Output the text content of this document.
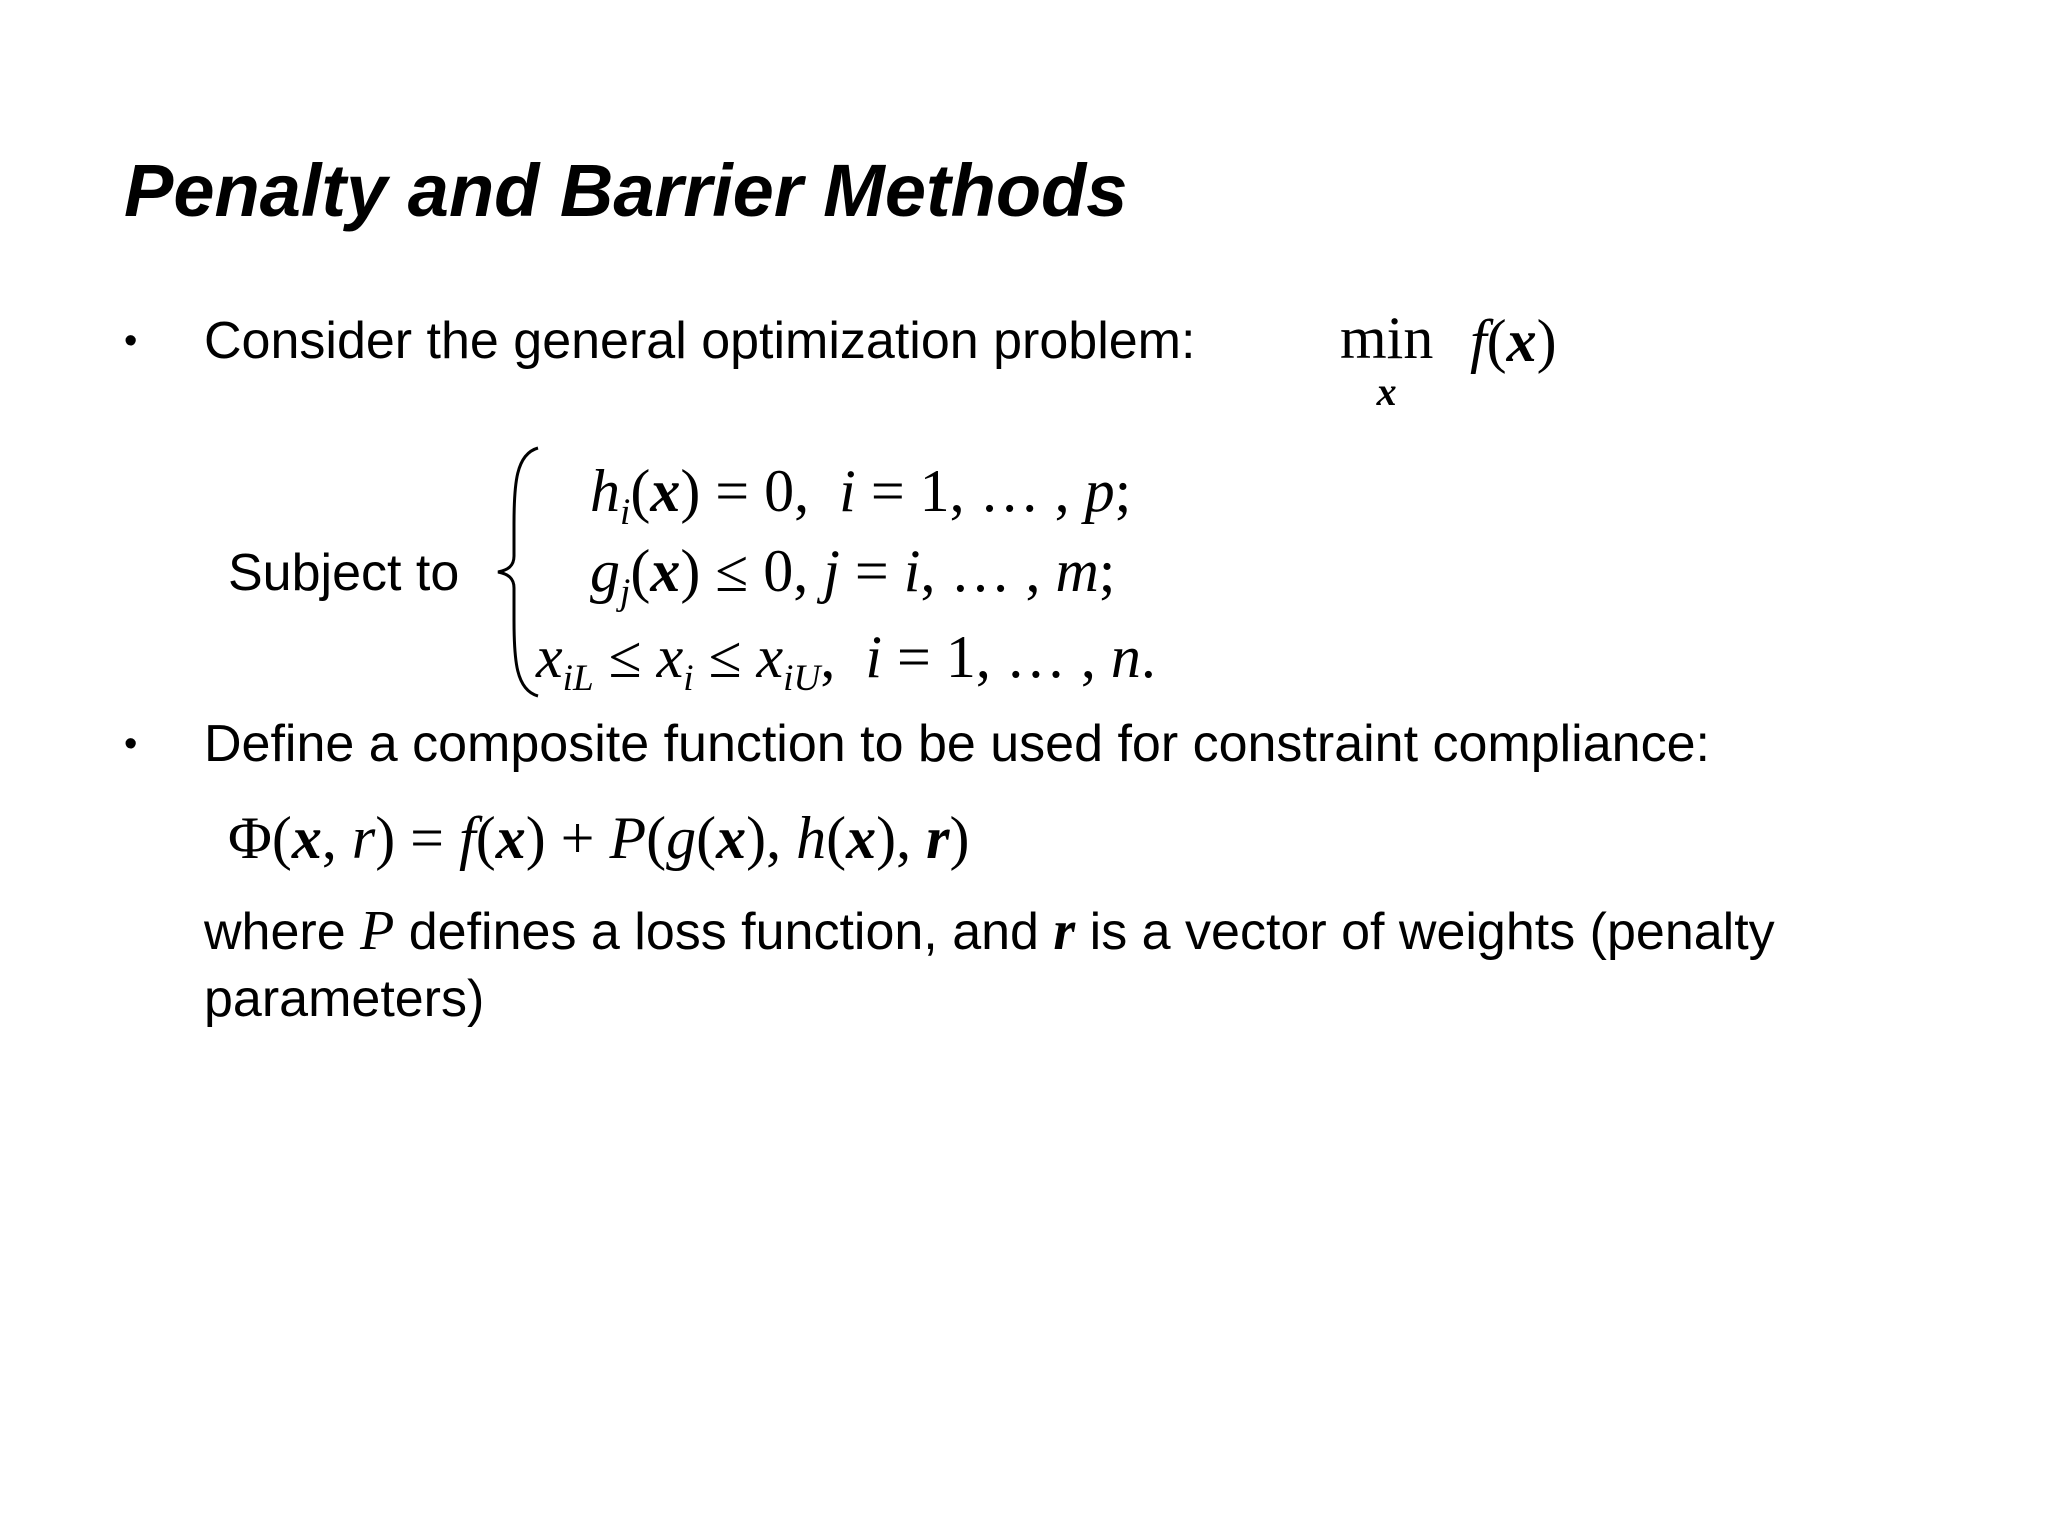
Penalty and Barrier Methods
• Consider the general optimization problem: min
x
f(x)
Subject to
$h_i(x) = 0$,  i = 1, … , p;
$g_j(x) \le 0$, j = i, … , m;
$x_{iL} \le x_i \le x_{iU}$,  i = 1, … , n.
• Define a composite function to be used for constraint compliance:
Φ(x, r) = f(x) + P(g(x), h(x), r)
where P defines a loss function, and r is a vector of weights (penalty
parameters)
